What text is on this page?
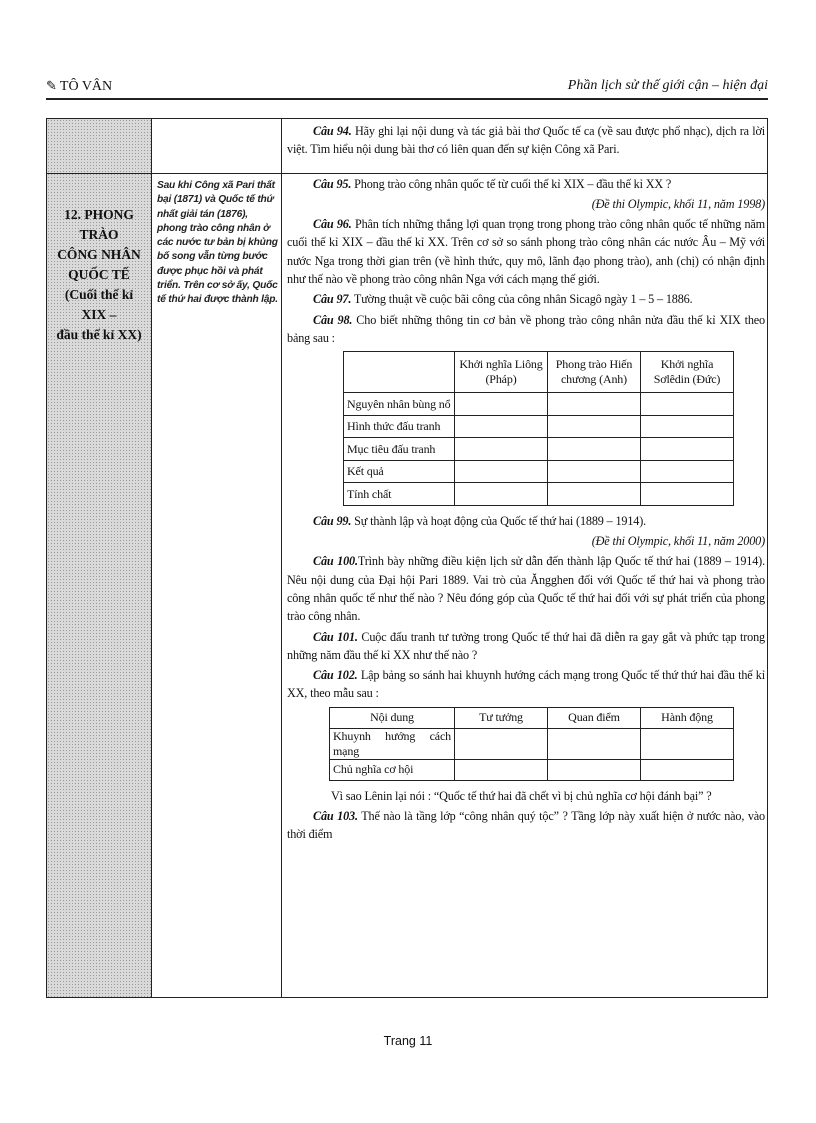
✎ TÔ VÂN	Phần lịch sử thế giới cận – hiện đại
12. PHONG TRÀO
CÔNG NHÂN
QUỐC TẾ
(Cuối thế kỉ XIX –
đầu thế kỉ XX)
Sau khi Công xã Pari thất bại (1871) và Quốc tế thứ nhất giải tán (1876), phong trào công nhân ở các nước tư bản bị khủng bố song vẫn từng bước được phục hồi và phát triển. Trên cơ sở ấy, Quốc tế thứ hai được thành lập.

Câu 94. Hãy ghi lại nội dung và tác giả bài thơ Quốc tế ca (về sau được phổ nhạc), dịch ra lời việt. Tìm hiểu nội dung bài thơ có liên quan đến sự kiện Công xã Pari.

Câu 95. Phong trào công nhân quốc tế từ cuối thế kỉ XIX – đầu thế kỉ XX ?

(Đề thi Olympic, khối 11, năm 1998)

Câu 96. Phân tích những thắng lợi quan trọng trong phong trào công nhân quốc tế những năm cuối thế kỉ XIX – đầu thế kỉ XX. Trên cơ sở so sánh phong trào công nhân các nước Âu – Mỹ với nước Nga trong thời gian trên (về hình thức, quy mô, lãnh đạo phong trào), anh (chị) có nhận định như thế nào về phong trào công nhân Nga với cách mạng thế giới.

Câu 97. Tường thuật về cuộc bãi công của công nhân Sicagô ngày 1 – 5 – 1886.

Câu 98. Cho biết những thông tin cơ bản về phong trào công nhân nửa đầu thế kỉ XIX theo bảng sau :

	Khởi nghĩa Liông (Pháp)	Phong trào Hiến chương (Anh)	Khởi nghĩa Sơlêdin (Đức)
Nguyên nhân bùng nổ			
Hình thức đấu tranh			
Mục tiêu đấu tranh			
Kết quả			
Tính chất			

Câu 99. Sự thành lập và hoạt động của Quốc tế thứ hai (1889 – 1914).

(Đề thi Olympic, khối 11, năm 2000)

Câu 100.Trình bày những điều kiện lịch sử dẫn đến thành lập Quốc tế thứ hai (1889 – 1914). Nêu nội dung của Đại hội Pari 1889. Vai trò của Ăngghen đối với Quốc tế thứ hai và phong trào công nhân quốc tế như thế nào ? Nêu đóng góp của Quốc tế thứ hai đối với sự phát triển của phong trào công nhân.

Câu 101. Cuộc đấu tranh tư tưởng trong Quốc tế thứ hai đã diễn ra gay gắt và phức tạp trong những năm đầu thế kỉ XX như thế nào ?

Câu 102. Lập bảng so sánh hai khuynh hướng cách mạng trong Quốc tế thứ thứ hai đầu thế kỉ XX, theo mẫu sau :

Nội dung	Tư tưởng	Quan điểm	Hành động
Khuynh hướng cách mạng			
Chủ nghĩa cơ hội			

Vì sao Lênin lại nói : “Quốc tế thứ hai đã chết vì bị chủ nghĩa cơ hội đánh bại” ?

Câu 103. Thế nào là tầng lớp “công nhân quý tộc” ? Tầng lớp này xuất hiện ở nước nào, vào thời điểm

Trang 11
